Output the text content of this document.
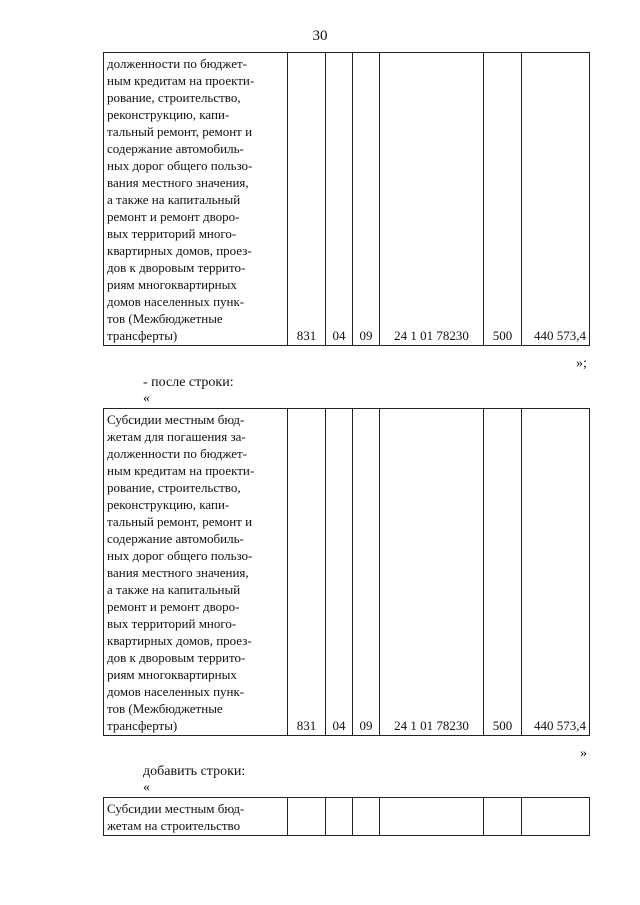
30
долженности по бюджет-
ным кредитам на проекти-
рование, строительство,
реконструкцию, капи-
тальный ремонт, ремонт и
содержание автомобиль-
ных дорог общего пользо-
вания местного значения,
а также на капитальный
ремонт и ремонт дворо-
вых территорий много-
квартирных домов, проез-
дов к дворовым террито-
риям многоквартирных
домов населенных пунк-
тов (Межбюджетные
трансферты)	831	04	09	24 1 01 78230	500	440 573,4
»;
- после строки:
«
Субсидии местным бюд-
жетам для погашения за-
долженности по бюджет-
ным кредитам на проекти-
рование, строительство,
реконструкцию, капи-
тальный ремонт, ремонт и
содержание автомобиль-
ных дорог общего пользо-
вания местного значения,
а также на капитальный
ремонт и ремонт дворо-
вых территорий много-
квартирных домов, проез-
дов к дворовым террито-
риям многоквартирных
домов населенных пунк-
тов (Межбюджетные
трансферты)	831	04	09	24 1 01 78230	500	440 573,4
»
добавить строки:
«
Субсидии местным бюд-
жетам на строительство
